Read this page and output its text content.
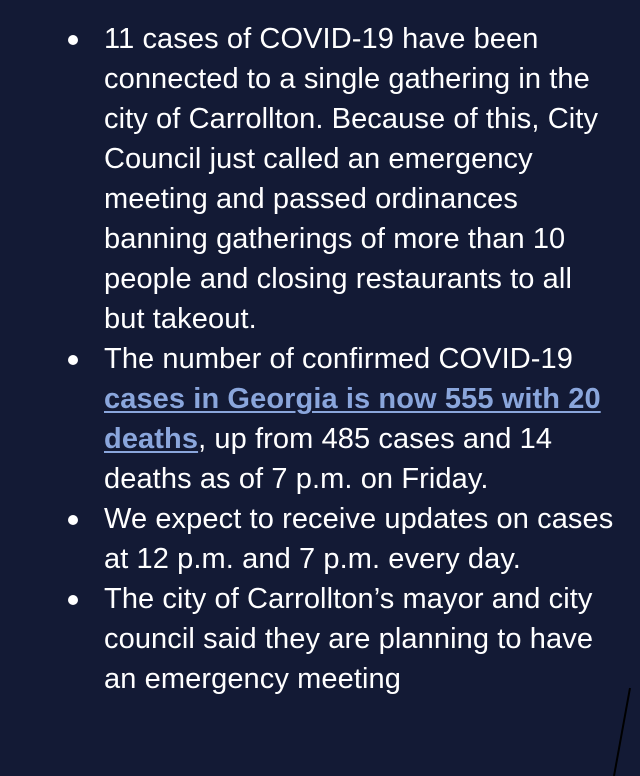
11 cases of COVID-19 have been connected to a single gathering in the city of Carrollton. Because of this, City Council just called an emergency meeting and passed ordinances banning gatherings of more than 10 people and closing restaurants to all but takeout.
The number of confirmed COVID-19 cases in Georgia is now 555 with 20 deaths, up from 485 cases and 14 deaths as of 7 p.m. on Friday.
We expect to receive updates on cases at 12 p.m. and 7 p.m. every day.
The city of Carrollton’s mayor and city council said they are planning to have an emergency meeting
